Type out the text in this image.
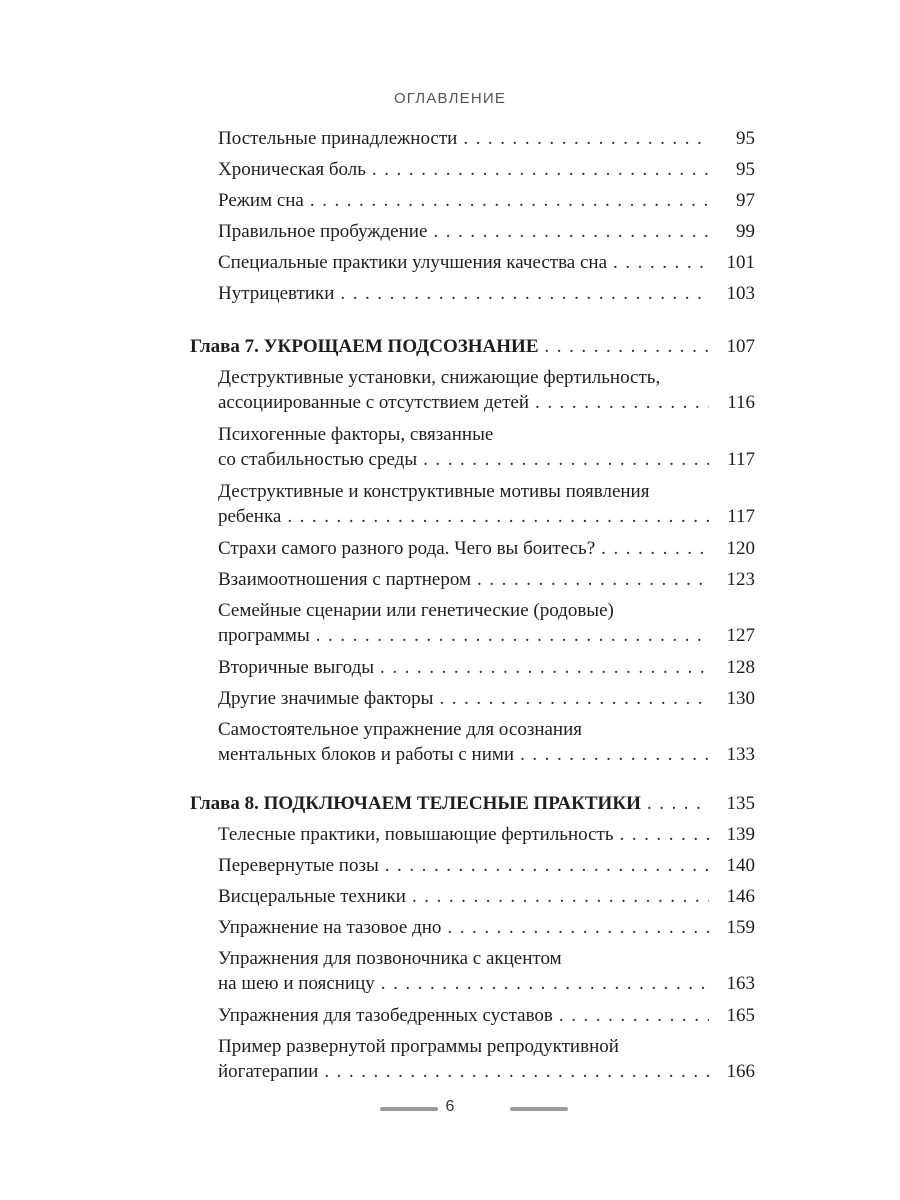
ОГЛАВЛЕНИЕ
Постельные принадлежности . . .	95
Хроническая боль . . .	95
Режим сна . . .	97
Правильное пробуждение . . .	99
Специальные практики улучшения качества сна . . .	101
Нутрицевтики . . .	103
Глава 7. УКРОЩАЕМ ПОДСОЗНАНИЕ . . .	107
Деструктивные установки, снижающие фертильность,
ассоциированные с отсутствием детей . . .	116
Психогенные факторы, связанные
со стабильностью среды . . .	117
Деструктивные и конструктивные мотивы появления
ребенка . . .	117
Страхи самого разного рода. Чего вы боитесь? . . .	120
Взаимоотношения с партнером . . .	123
Семейные сценарии или генетические (родовые)
программы . . .	127
Вторичные выгоды . . .	128
Другие значимые факторы . . .	130
Самостоятельное упражнение для осознания
ментальных блоков и работы с ними . . .	133
Глава 8. ПОДКЛЮЧАЕМ ТЕЛЕСНЫЕ ПРАКТИКИ . . .	135
Телесные практики, повышающие фертильность . . .	139
Перевернутые позы . . .	140
Висцеральные техники . . .	146
Упражнение на тазовое дно . . .	159
Упражнения для позвоночника с акцентом
на шею и поясницу . . .	163
Упражнения для тазобедренных суставов . . .	165
Пример развернутой программы репродуктивной
йогатерапии . . .	166
6
